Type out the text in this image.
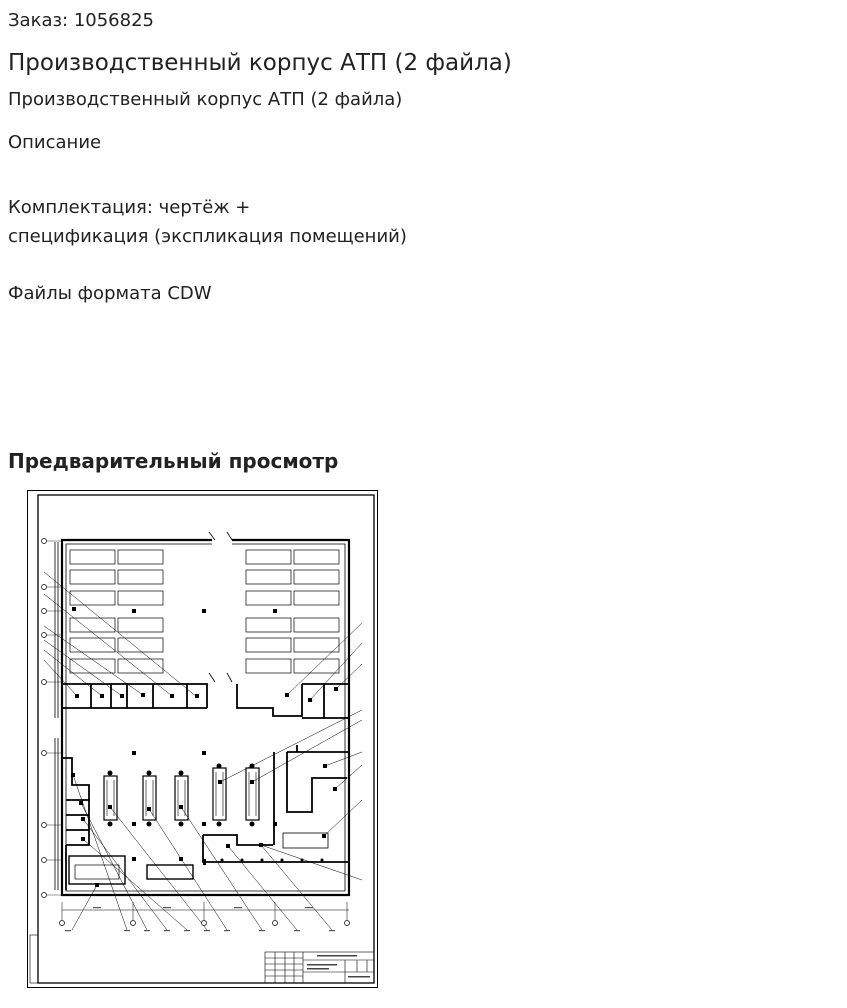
Заказ: 1056825
Производственный корпус АТП (2 файла)
Производственный корпус АТП (2 файла)
Описание

Комплектация: чертёж +

спецификация (экспликация помещений)

Файлы формата CDW

Предварительный просмотр
